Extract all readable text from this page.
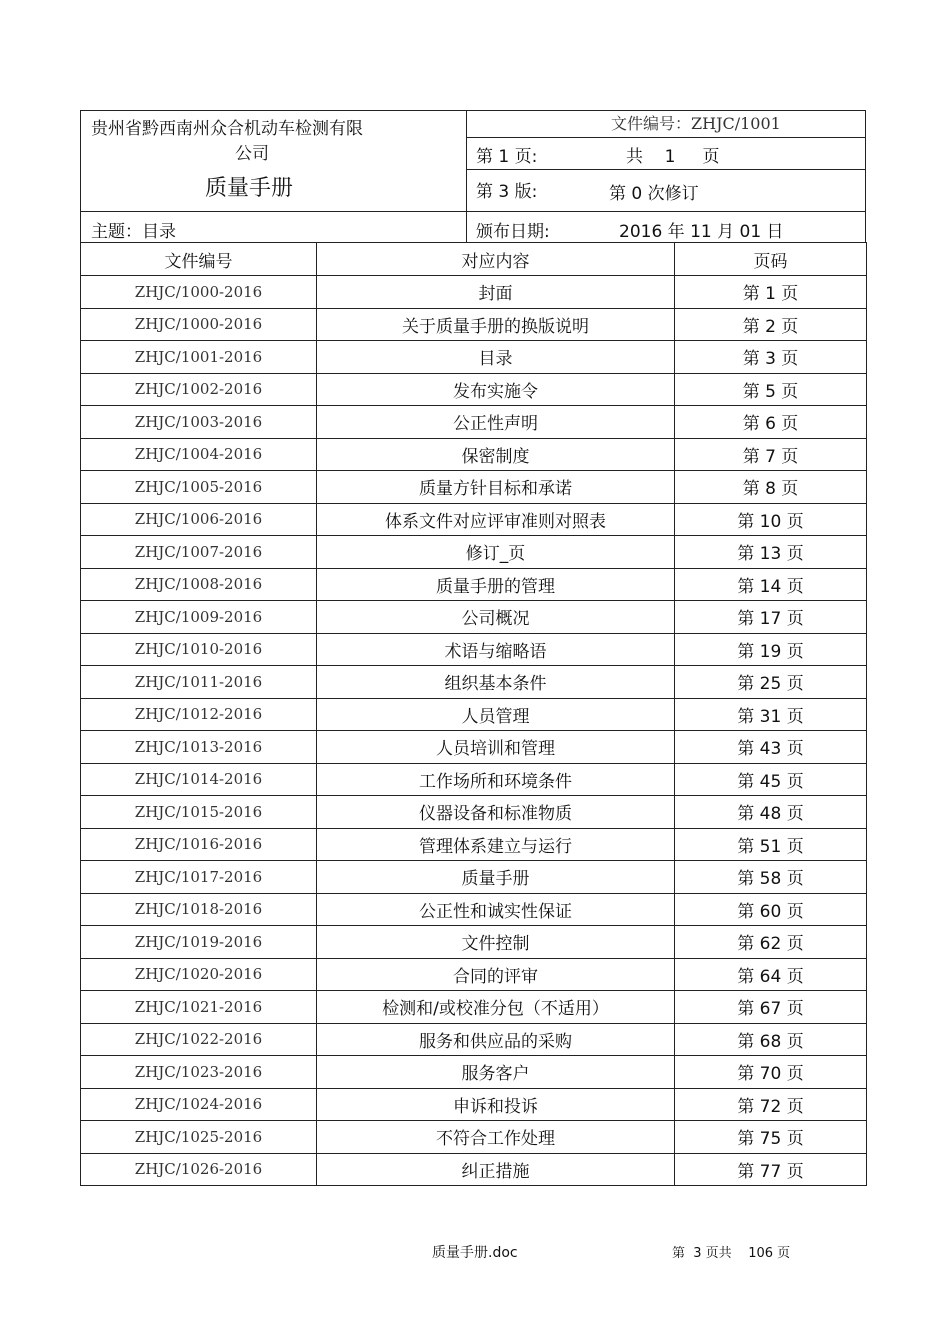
贵州省黔西南州众合机动车检测有限
公司
质量手册
主题：目录
文件编号：ZHJC/1001
第 1 页:	共    1     页
第 3 版:	第 0 次修订
颁布日期:	2016 年 11 月 01 日
文件编号	对应内容	页码
ZHJC/1000-2016	封面	第 1 页
ZHJC/1000-2016	关于质量手册的换版说明	第 2 页
ZHJC/1001-2016	目录	第 3 页
ZHJC/1002-2016	发布实施令	第 5 页
ZHJC/1003-2016	公正性声明	第 6 页
ZHJC/1004-2016	保密制度	第 7 页
ZHJC/1005-2016	质量方针目标和承诺	第 8 页
ZHJC/1006-2016	体系文件对应评审准则对照表	第 10 页
ZHJC/1007-2016	修订_页	第 13 页
ZHJC/1008-2016	质量手册的管理	第 14 页
ZHJC/1009-2016	公司概况	第 17 页
ZHJC/1010-2016	术语与缩略语	第 19 页
ZHJC/1011-2016	组织基本条件	第 25 页
ZHJC/1012-2016	人员管理	第 31 页
ZHJC/1013-2016	人员培训和管理	第 43 页
ZHJC/1014-2016	工作场所和环境条件	第 45 页
ZHJC/1015-2016	仪器设备和标准物质	第 48 页
ZHJC/1016-2016	管理体系建立与运行	第 51 页
ZHJC/1017-2016	质量手册	第 58 页
ZHJC/1018-2016	公正性和诚实性保证	第 60 页
ZHJC/1019-2016	文件控制	第 62 页
ZHJC/1020-2016	合同的评审	第 64 页
ZHJC/1021-2016	检测和/或校准分包（不适用）	第 67 页
ZHJC/1022-2016	服务和供应品的采购	第 68 页
ZHJC/1023-2016	服务客户	第 70 页
ZHJC/1024-2016	申诉和投诉	第 72 页
ZHJC/1025-2016	不符合工作处理	第 75 页
ZHJC/1026-2016	纠正措施	第 77 页
质量手册.doc	第  3 页共    106 页
